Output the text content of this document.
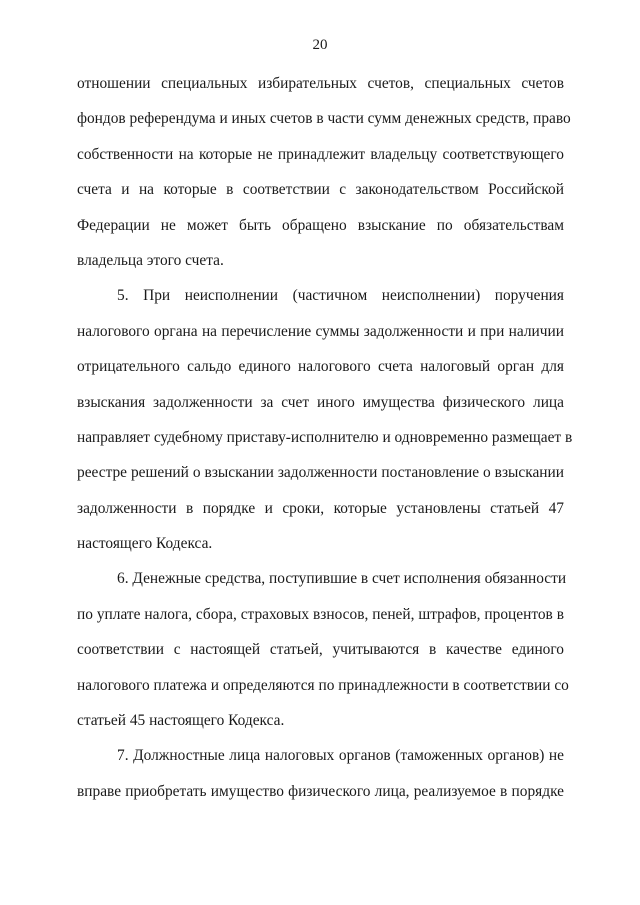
20
отношении специальных избирательных счетов, специальных счетов
фондов референдума и иных счетов в части сумм денежных средств, право
собственности на которые не принадлежит владельцу соответствующего
счета и на которые в соответствии с законодательством Российской
Федерации не может быть обращено взыскание по обязательствам
владельца этого счета.
5. При неисполнении (частичном неисполнении) поручения
налогового органа на перечисление суммы задолженности и при наличии
отрицательного сальдо единого налогового счета налоговый орган для
взыскания задолженности за счет иного имущества физического лица
направляет судебному приставу-исполнителю и одновременно размещает в
реестре решений о взыскании задолженности постановление о взыскании
задолженности в порядке и сроки, которые установлены статьей 47
настоящего Кодекса.
6. Денежные средства, поступившие в счет исполнения обязанности
по уплате налога, сбора, страховых взносов, пеней, штрафов, процентов в
соответствии с настоящей статьей, учитываются в качестве единого
налогового платежа и определяются по принадлежности в соответствии со
статьей 45 настоящего Кодекса.
7. Должностные лица налоговых органов (таможенных органов) не
вправе приобретать имущество физического лица, реализуемое в порядке
